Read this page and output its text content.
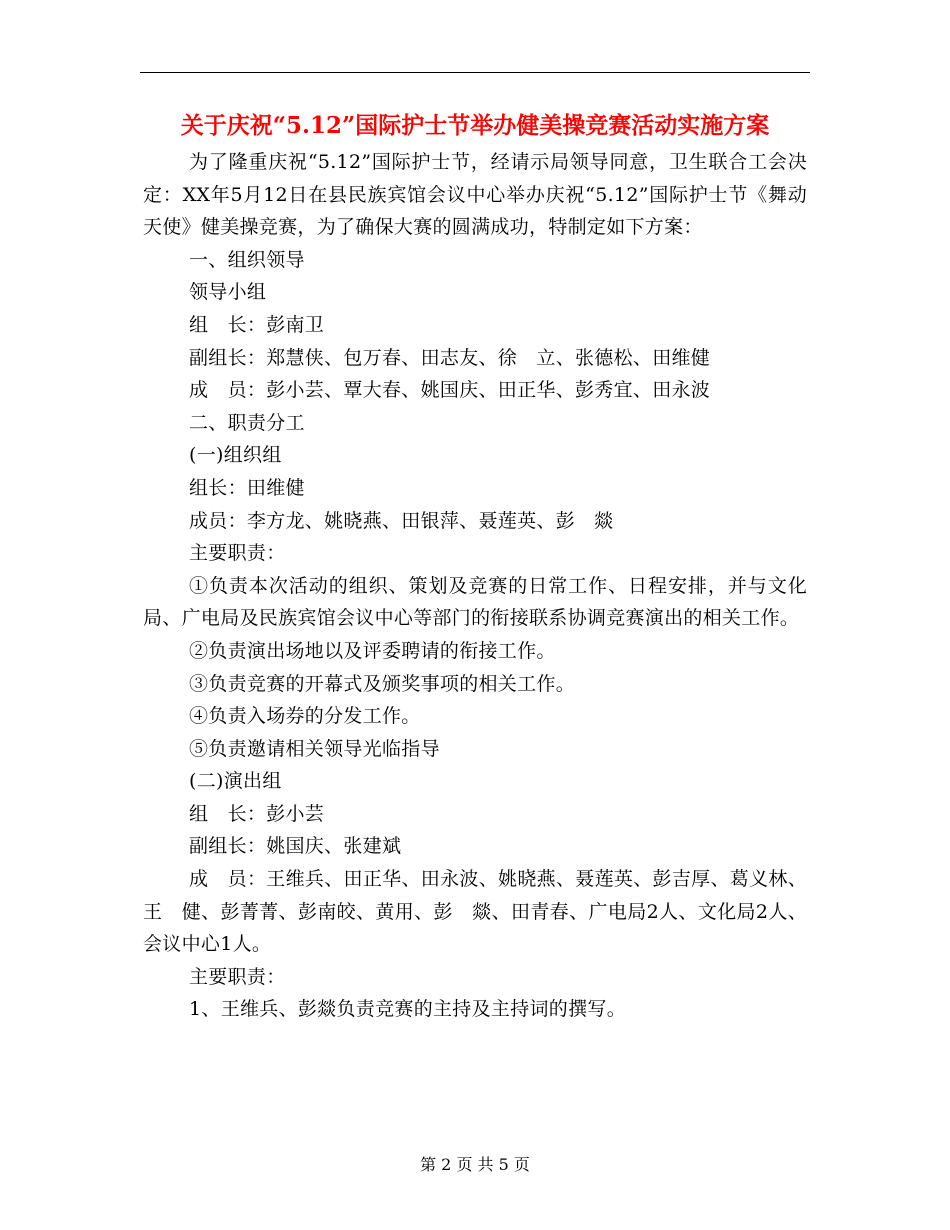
关于庆祝“5.12”国际护士节举办健美操竞赛活动实施方案

为了隆重庆祝“5.12”国际护士节，经请示局领导同意，卫生联合工会决定：XX年5月12日在县民族宾馆会议中心举办庆祝“5.12”国际护士节《舞动天使》健美操竞赛，为了确保大赛的圆满成功，特制定如下方案：

一、组织领导

领导小组

组　长：彭南卫

副组长：郑慧侠、包万春、田志友、徐　立、张德松、田维健

成　员：彭小芸、覃大春、姚国庆、田正华、彭秀宜、田永波

二、职责分工

(一)组织组

组长：田维健

成员：李方龙、姚晓燕、田银萍、聂莲英、彭　燚

主要职责：

①负责本次活动的组织、策划及竞赛的日常工作、日程安排，并与文化局、广电局及民族宾馆会议中心等部门的衔接联系协调竞赛演出的相关工作。

②负责演出场地以及评委聘请的衔接工作。

③负责竞赛的开幕式及颁奖事项的相关工作。

④负责入场券的分发工作。

⑤负责邀请相关领导光临指导

(二)演出组

组　长：彭小芸

副组长：姚国庆、张建斌

成　员：王维兵、田正华、田永波、姚晓燕、聂莲英、彭吉厚、葛义林、王　健、彭菁菁、彭南皎、黄用、彭　燚、田青春、广电局2人、文化局2人、会议中心1人。

主要职责：

1、王维兵、彭燚负责竞赛的主持及主持词的撰写。

第 2 页 共 5 页
